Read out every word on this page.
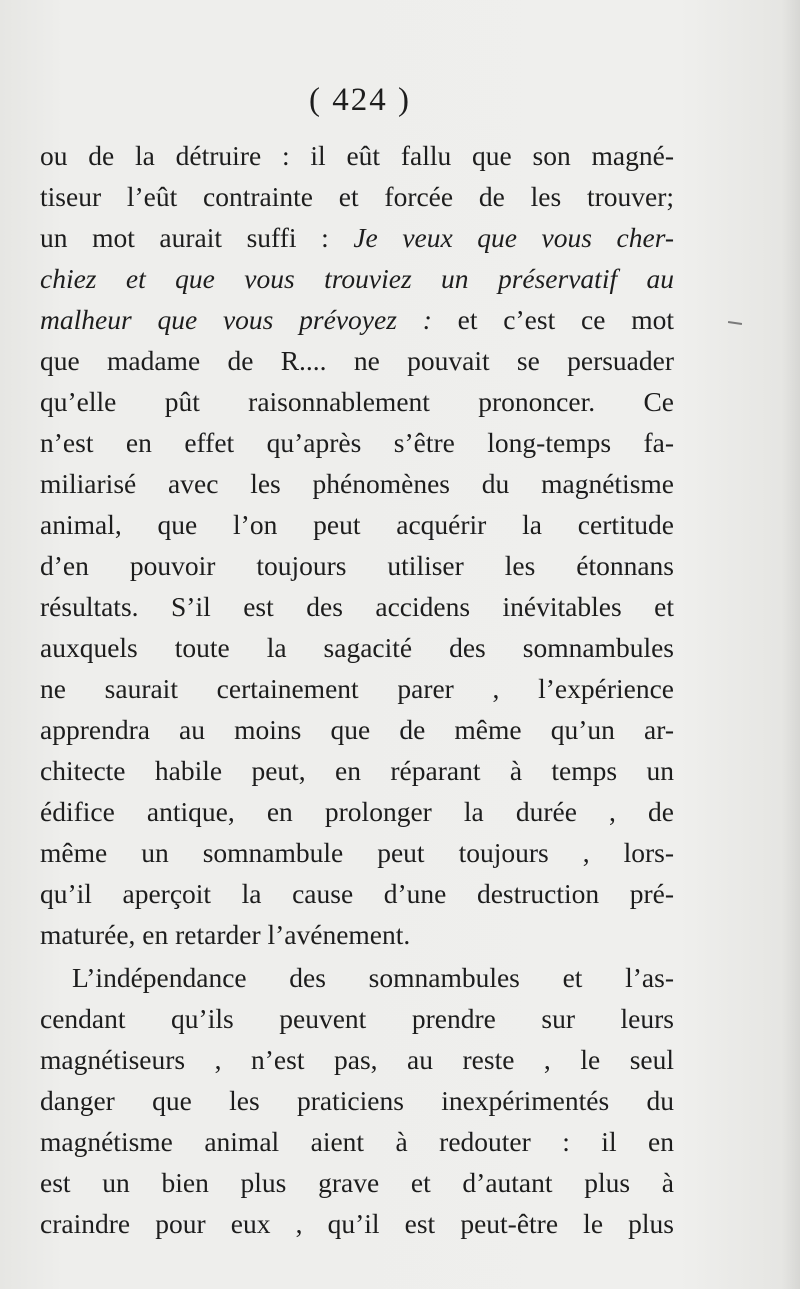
( 424 )
ou de la détruire : il eût fallu que son magné-
tiseur l’eût contrainte et forcée de les trouver;
un mot aurait suffi : Je veux que vous cher-
chiez et que vous trouviez un préservatif au
malheur que vous prévoyez : et c’est ce mot
que madame de R.... ne pouvait se persuader
qu’elle pût raisonnablement prononcer. Ce
n’est en effet qu’après s’être long-temps fa-
miliarisé avec les phénomènes du magnétisme
animal, que l’on peut acquérir la certitude
d’en pouvoir toujours utiliser les étonnans
résultats. S’il est des accidens inévitables et
auxquels toute la sagacité des somnambules
ne saurait certainement parer , l’expérience
apprendra au moins que de même qu’un ar-
chitecte habile peut, en réparant à temps un
édifice antique, en prolonger la durée , de
même un somnambule peut toujours , lors-
qu’il aperçoit la cause d’une destruction pré-
maturée, en retarder l’avénement.
L’indépendance des somnambules et l’as-
cendant qu’ils peuvent prendre sur leurs
magnétiseurs , n’est pas, au reste , le seul
danger que les praticiens inexpérimentés du
magnétisme animal aient à redouter : il en
est un bien plus grave et d’autant plus à
craindre pour eux , qu’il est peut-être le plus
